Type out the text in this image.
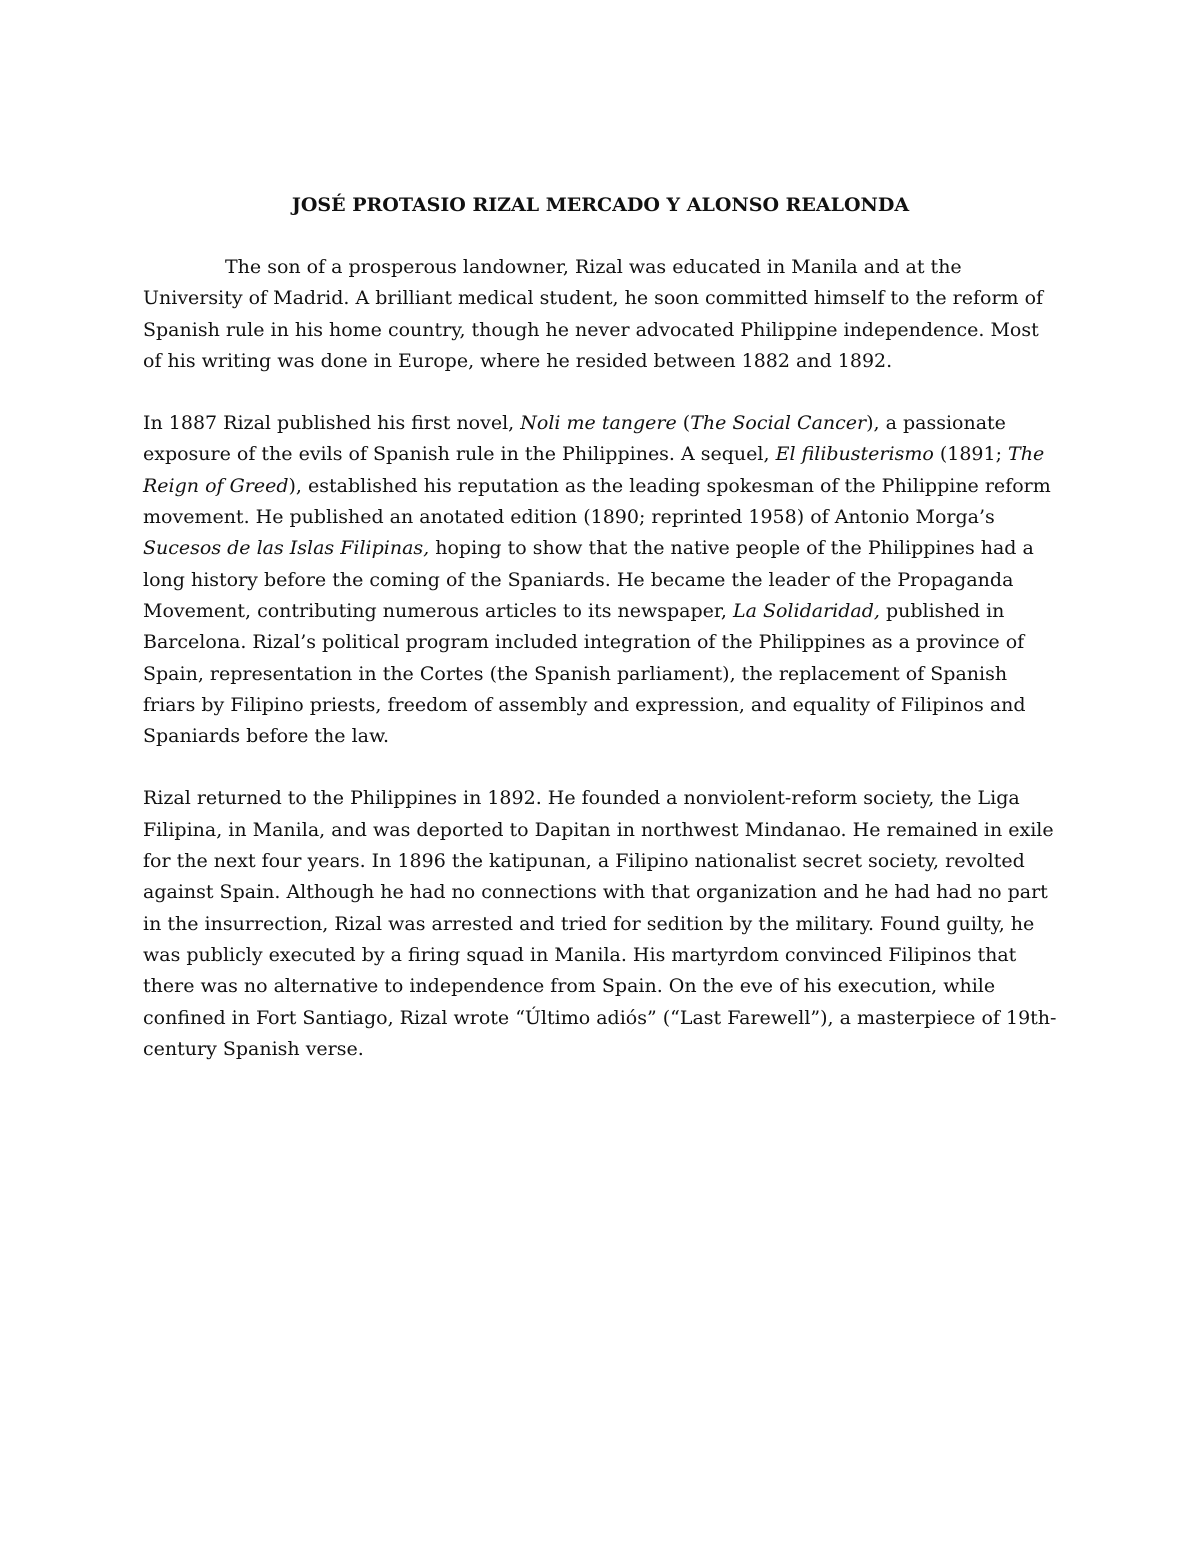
JOSÉ PROTASIO RIZAL MERCADO Y ALONSO REALONDA

The son of a prosperous landowner, Rizal was educated in Manila and at the University of Madrid. A brilliant medical student, he soon committed himself to the reform of Spanish rule in his home country, though he never advocated Philippine independence. Most of his writing was done in Europe, where he resided between 1882 and 1892.

In 1887 Rizal published his first novel, Noli me tangere (The Social Cancer), a passionate exposure of the evils of Spanish rule in the Philippines. A sequel, El filibusterismo (1891; The Reign of Greed), established his reputation as the leading spokesman of the Philippine reform movement. He published an anotated edition (1890; reprinted 1958) of Antonio Morga’s Sucesos de las Islas Filipinas, hoping to show that the native people of the Philippines had a long history before the coming of the Spaniards. He became the leader of the Propaganda Movement, contributing numerous articles to its newspaper, La Solidaridad, published in Barcelona. Rizal’s political program included integration of the Philippines as a province of Spain, representation in the Cortes (the Spanish parliament), the replacement of Spanish friars by Filipino priests, freedom of assembly and expression, and equality of Filipinos and Spaniards before the law.

Rizal returned to the Philippines in 1892. He founded a nonviolent-reform society, the Liga Filipina, in Manila, and was deported to Dapitan in northwest Mindanao. He remained in exile for the next four years. In 1896 the katipunan, a Filipino nationalist secret society, revolted against Spain. Although he had no connections with that organization and he had had no part in the insurrection, Rizal was arrested and tried for sedition by the military. Found guilty, he was publicly executed by a firing squad in Manila. His martyrdom convinced Filipinos that there was no alternative to independence from Spain. On the eve of his execution, while confined in Fort Santiago, Rizal wrote “Último adiós” (“Last Farewell”), a masterpiece of 19th-century Spanish verse.
